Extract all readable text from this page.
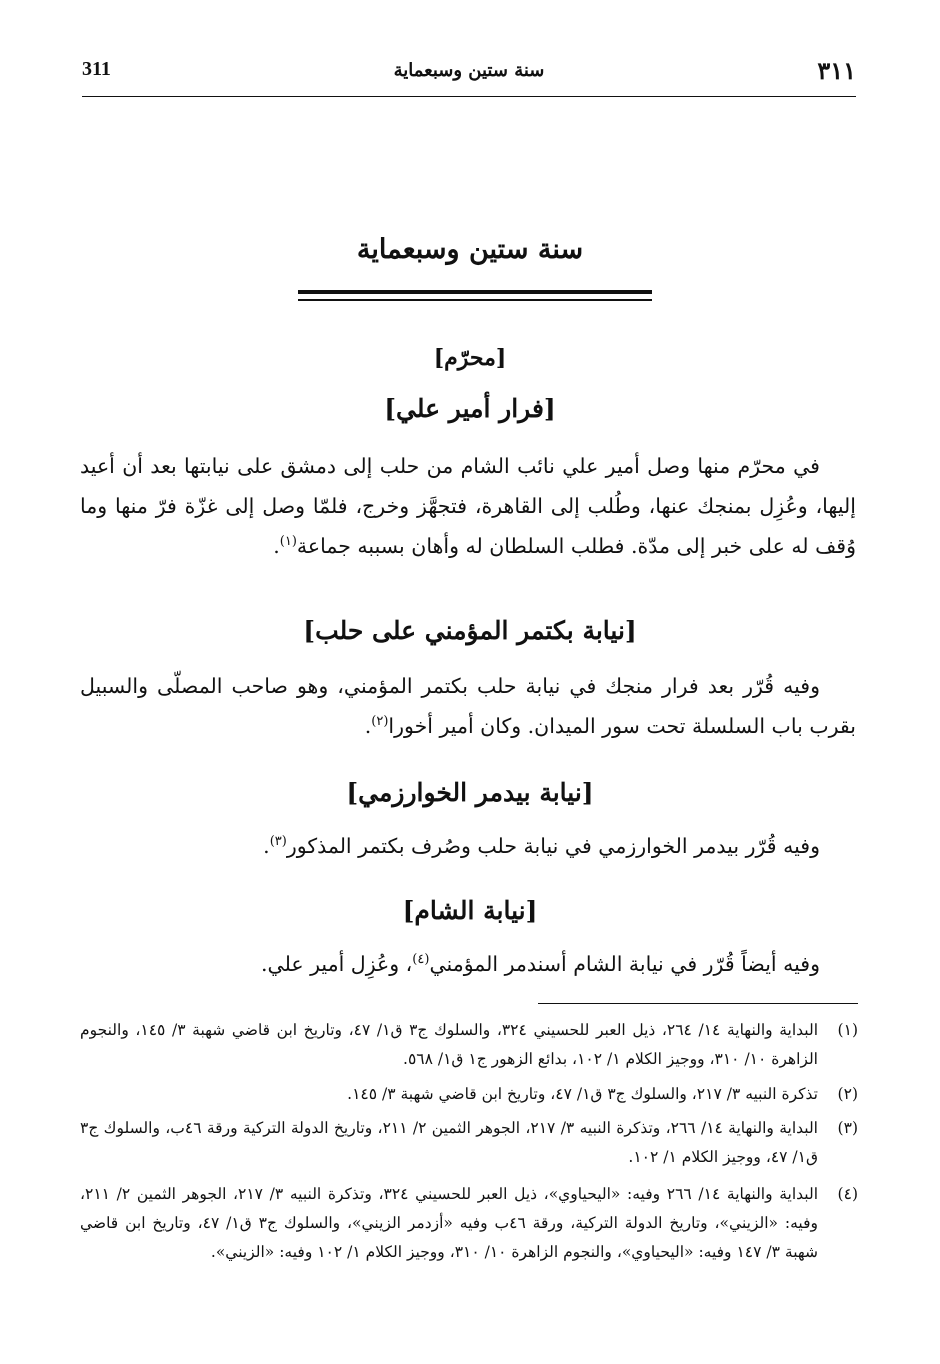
٣١١
سنة ستين وسبعماية
311
سنة ستين وسبعماية
[محرّم]
[فرار أمير علي]
في محرّم منها وصل أمير علي نائب الشام من حلب إلى دمشق على نيابتها بعد أن أعيد إليها، وعُزِل بمنجك عنها، وطُلب إلى القاهرة، فتجهَّز وخرج، فلمّا وصل إلى غزّة فرّ منها وما وُقف له على خبر إلى مدّة. فطلب السلطان له وأهان بسببه جماعة$^{(١)}$.
[نيابة بكتمر المؤمني على حلب]
وفيه قُرّر بعد فرار منجك في نيابة حلب بكتمر المؤمني، وهو صاحب المصلّى والسبيل بقرب باب السلسلة تحت سور الميدان. وكان أمير أخورا$^{(٢)}$.
[نيابة بيدمر الخوارزمي]
وفيه قُرّر بيدمر الخوارزمي في نيابة حلب وصُرف بكتمر المذكور$^{(٣)}$.
[نيابة الشام]
وفيه أيضاً قُرّر في نيابة الشام أسندمر المؤمني$^{(٤)}$، وعُزِل أمير علي.
(١)
البداية والنهاية ١٤/ ٢٦٤، ذيل العبر للحسيني ٣٢٤، والسلوك ج٣ ق١/ ٤٧، وتاريخ ابن قاضي شهبة ٣/ ١٤٥، والنجوم الزاهرة ١٠/ ٣١٠، ووجيز الكلام ١/ ١٠٢، بدائع الزهور ج١ ق١/ ٥٦٨.
(٢)
تذكرة النبيه ٣/ ٢١٧، والسلوك ج٣ ق١/ ٤٧، وتاريخ ابن قاضي شهبة ٣/ ١٤٥.
(٣)
البداية والنهاية ١٤/ ٢٦٦، وتذكرة النبيه ٣/ ٢١٧، الجوهر الثمين ٢/ ٢١١، وتاريخ الدولة التركية ورقة ٤٦ب، والسلوك ج٣ ق١/ ٤٧، ووجيز الكلام ١/ ١٠٢.
(٤)
البداية والنهاية ١٤/ ٢٦٦ وفيه: «اليحياوي»، ذيل العبر للحسيني ٣٢٤، وتذكرة النبيه ٣/ ٢١٧، الجوهر الثمين ٢/ ٢١١، وفيه: «الزيني»، وتاريخ الدولة التركية، ورقة ٤٦ب وفيه «أزدمر الزيني»، والسلوك ج٣ ق١/ ٤٧، وتاريخ ابن قاضي شهبة ٣/ ١٤٧ وفيه: «اليحياوي»، والنجوم الزاهرة ١٠/ ٣١٠، ووجيز الكلام ١/ ١٠٢ وفيه: «الزيني».
